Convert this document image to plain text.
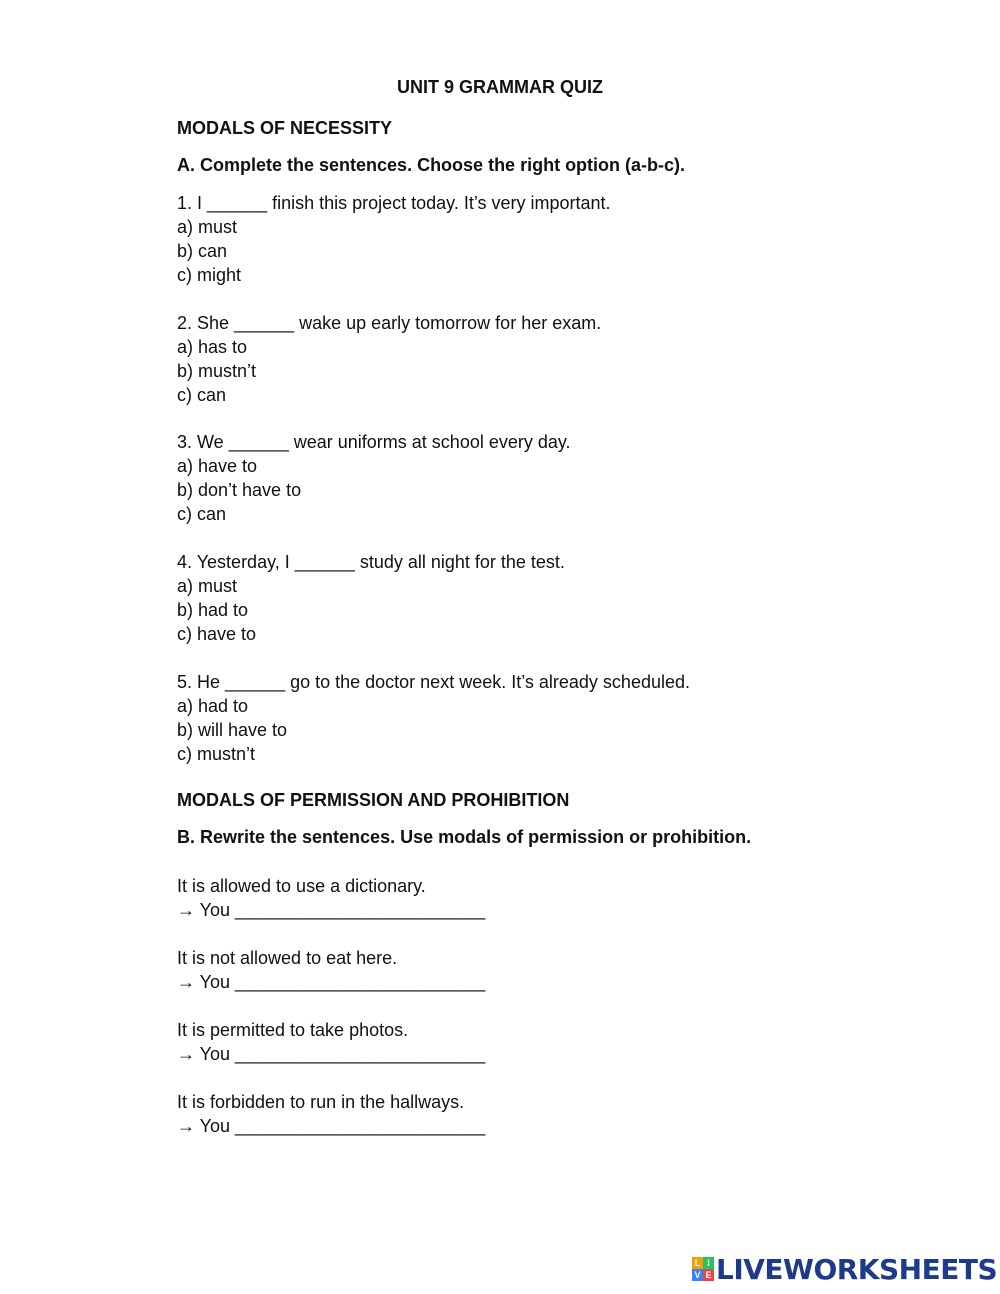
UNIT 9 GRAMMAR QUIZ
MODALS OF NECESSITY
A. Complete the sentences. Choose the right option (a-b-c).
1. I ______ finish this project today. It’s very important.
a) must
b) can
c) might
2. She ______ wake up early tomorrow for her exam.
a) has to
b) mustn’t
c) can
3. We ______ wear uniforms at school every day.
a) have to
b) don’t have to
c) can
4. Yesterday, I ______ study all night for the test.
a) must
b) had to
c) have to
5. He ______ go to the doctor next week. It’s already scheduled.
a) had to
b) will have to
c) mustn’t
MODALS OF PERMISSION AND PROHIBITION
B. Rewrite the sentences. Use modals of permission or prohibition.
It is allowed to use a dictionary.
→ You _________________________
It is not allowed to eat here.
→ You _________________________
It is permitted to take photos.
→ You _________________________
It is forbidden to run in the hallways.
→ You _________________________
L I
V E LIVEWORKSHEETS
